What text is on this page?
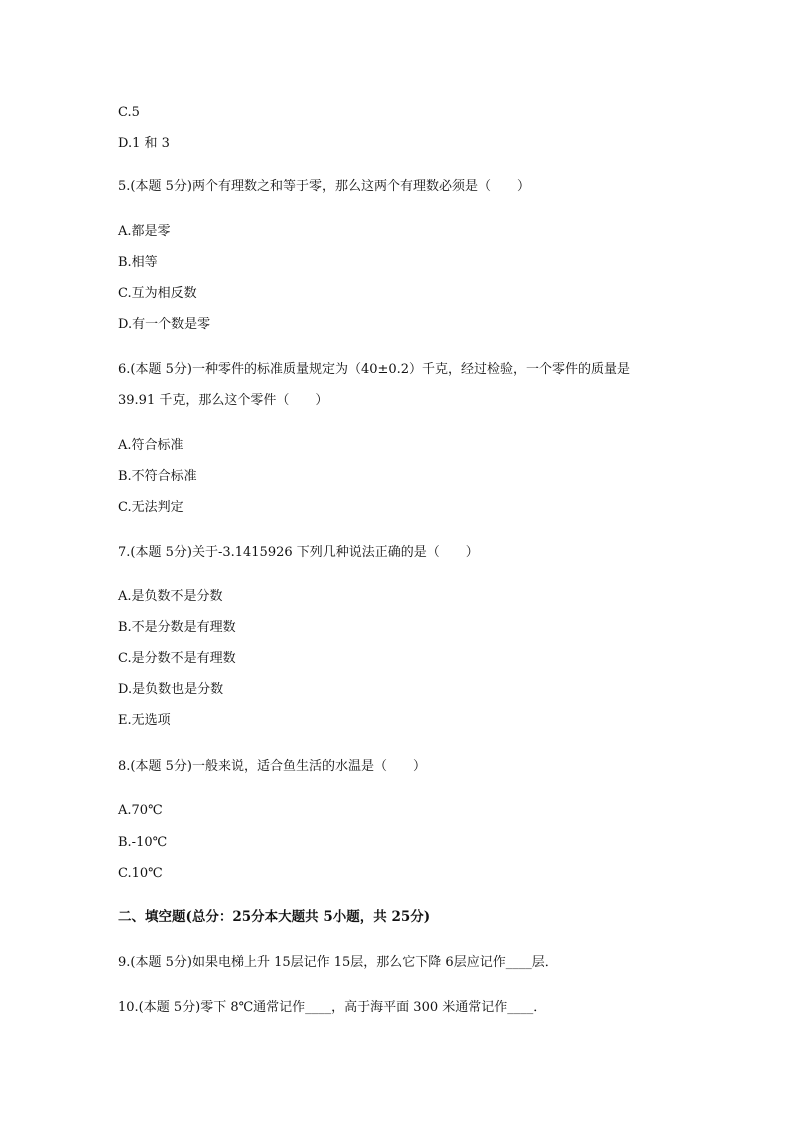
C.5
D.1 和 3
5.(本题 5分)两个有理数之和等于零，那么这两个有理数必须是（　　）
A.都是零
B.相等
C.互为相反数
D.有一个数是零
6.(本题 5分)一种零件的标准质量规定为（40±0.2）千克，经过检验，一个零件的质量是
39.91 千克，那么这个零件（　　）
A.符合标准
B.不符合标准
C.无法判定
7.(本题 5分)关于-3.1415926 下列几种说法正确的是（　　）
A.是负数不是分数
B.不是分数是有理数
C.是分数不是有理数
D.是负数也是分数
E.无选项
8.(本题 5分)一般来说，适合鱼生活的水温是（　　）
A.70℃
B.-10℃
C.10℃
二、填空题(总分：25分本大题共 5小题，共 25分)
9.(本题 5分)如果电梯上升 15层记作 15层，那么它下降 6层应记作____层．
10.(本题 5分)零下 8℃通常记作____，高于海平面 300 米通常记作____．
